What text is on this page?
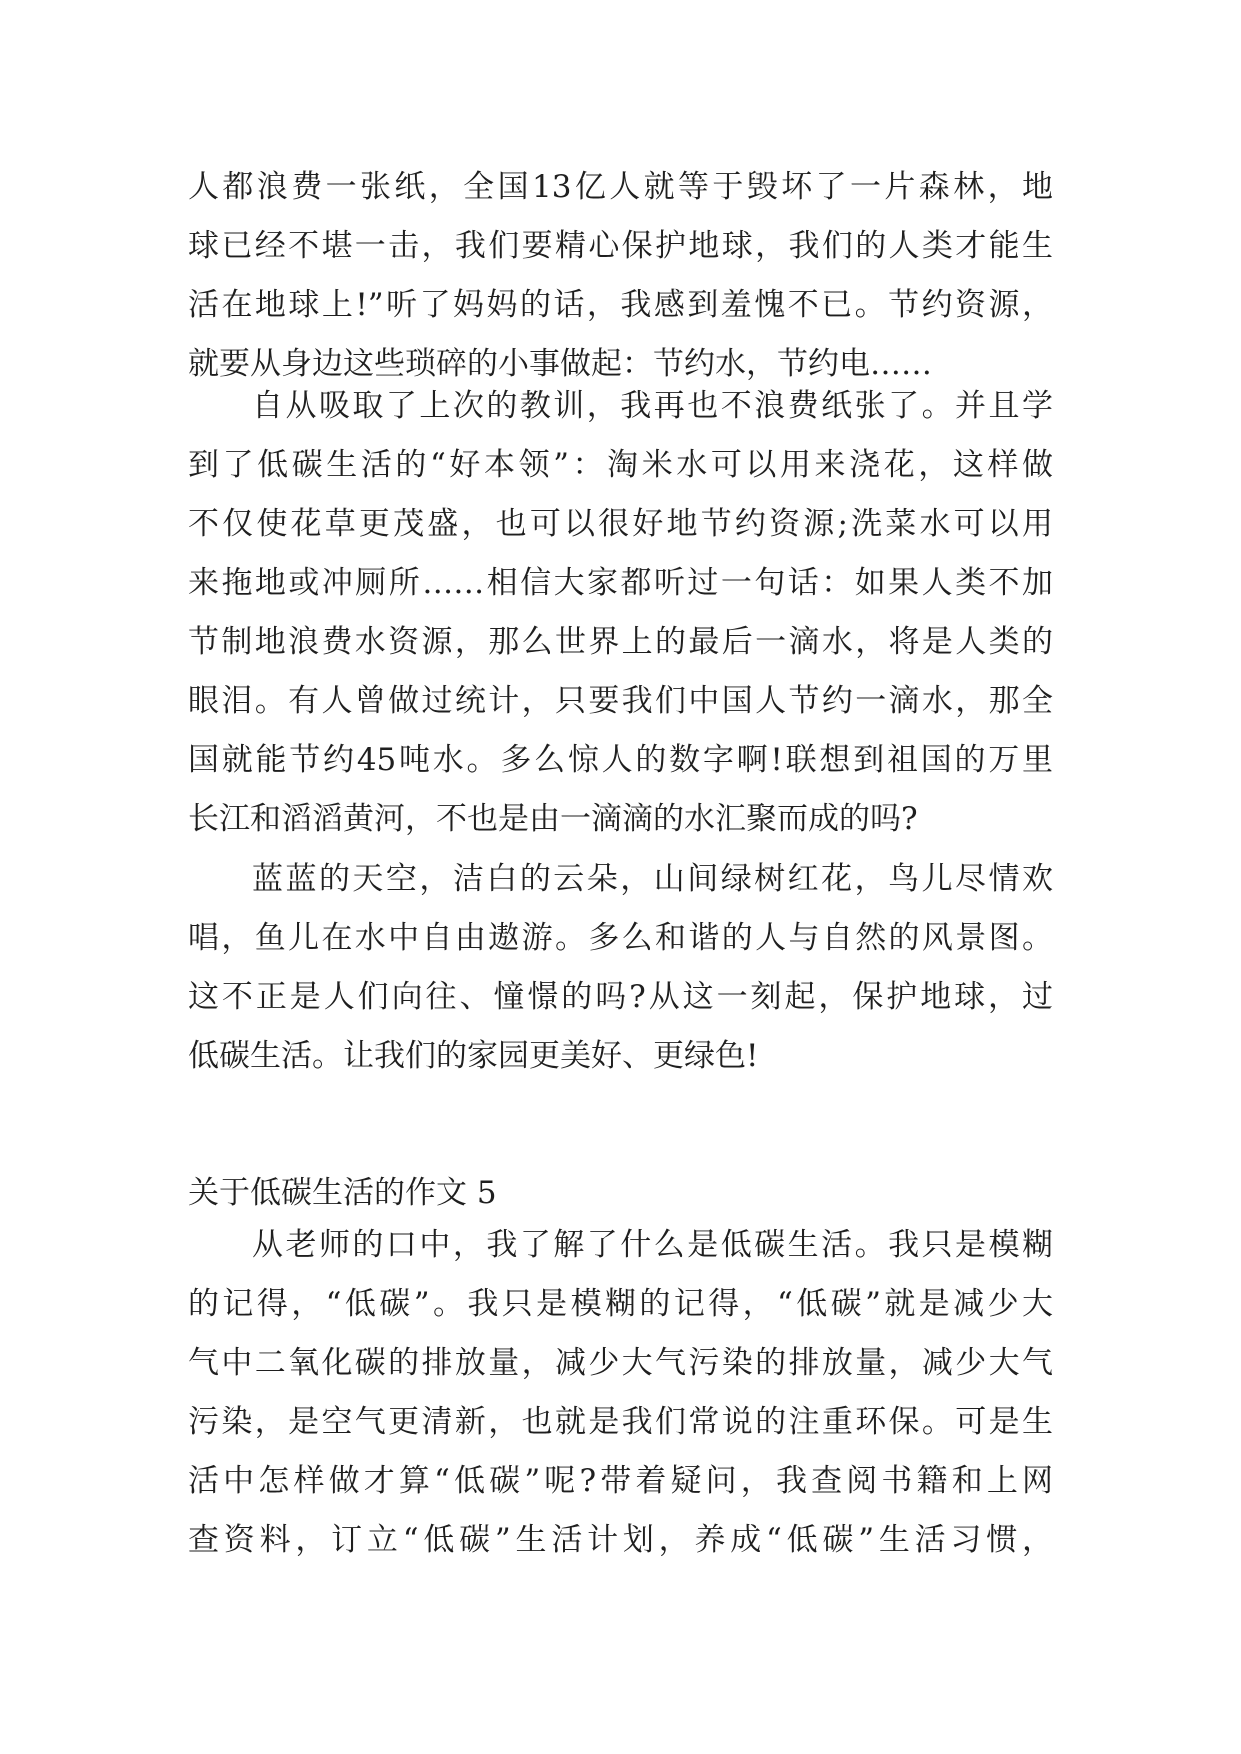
人都浪费一张纸，全国13亿人就等于毁坏了一片森林，地
球已经不堪一击，我们要精心保护地球，我们的人类才能生
活在地球上!”听了妈妈的话，我感到羞愧不已。节约资源，
就要从身边这些琐碎的小事做起：节约水，节约电……
自从吸取了上次的教训，我再也不浪费纸张了。并且学
到了低碳生活的“好本领”：淘米水可以用来浇花，这样做
不仅使花草更茂盛，也可以很好地节约资源;洗菜水可以用
来拖地或冲厕所……相信大家都听过一句话：如果人类不加
节制地浪费水资源，那么世界上的最后一滴水，将是人类的
眼泪。有人曾做过统计，只要我们中国人节约一滴水，那全
国就能节约45吨水。多么惊人的数字啊!联想到祖国的万里
长江和滔滔黄河，不也是由一滴滴的水汇聚而成的吗?
蓝蓝的天空，洁白的云朵，山间绿树红花，鸟儿尽情欢
唱，鱼儿在水中自由遨游。多么和谐的人与自然的风景图。
这不正是人们向往、憧憬的吗?从这一刻起，保护地球，过
低碳生活。让我们的家园更美好、更绿色!
关于低碳生活的作文 5
从老师的口中，我了解了什么是低碳生活。我只是模糊
的记得，“低碳”。我只是模糊的记得，“低碳”就是减少大
气中二氧化碳的排放量，减少大气污染的排放量，减少大气
污染，是空气更清新，也就是我们常说的注重环保。可是生
活中怎样做才算“低碳”呢?带着疑问，我查阅书籍和上网
查资料，订立“低碳”生活计划，养成“低碳”生活习惯，
